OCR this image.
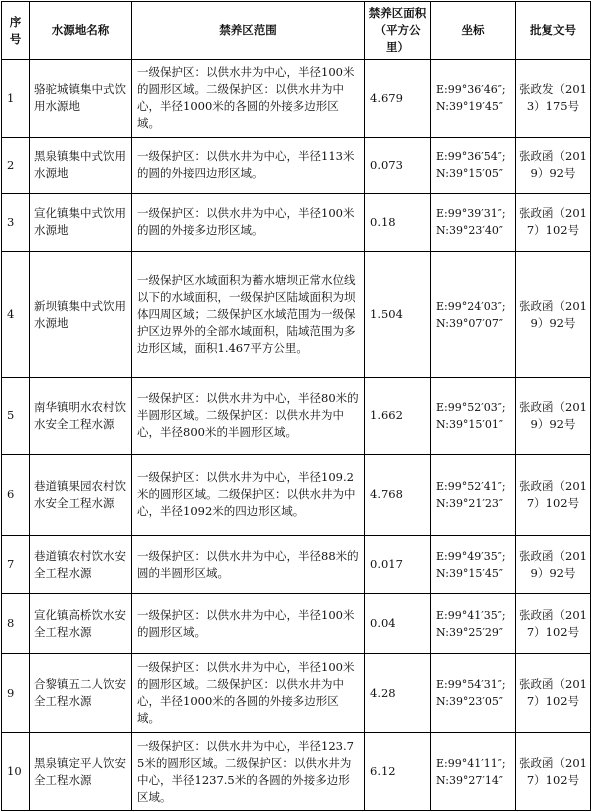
序号	水源地名称	禁养区范围	禁养区面积（平方公里）	坐标	批复文号
1	骆驼城镇集中式饮用水源地	一级保护区：以供水井为中心，半径100米的圆形区域。二级保护区：以供水井为中心，半径1000米的各圆的外接多边形区域。	4.679	E:99°36′46″;N:39°19′45″	张政发（2013）175号
2	黑泉镇集中式饮用水源地	一级保护区：以供水井为中心，半径113米的圆的外接四边形区域。	0.073	E:99°36′54″;N:39°15′05″	张政函（2019）92号
3	宣化镇集中式饮用水源地	一级保护区：以供水井为中心，半径100米的圆的外接多边形区域。	0.18	E:99°39′31″;N:39°23′40″	张政函（2017）102号
4	新坝镇集中式饮用水源地	一级保护区水域面积为蓄水塘坝正常水位线以下的水域面积，一级保护区陆域面积为坝体四周区域；二级保护区水域范围为一级保护区边界外的全部水域面积，陆域范围为多边形区域，面积1.467平方公里。	1.504	E:99°24′03″;N:39°07′07″	张政函（2019）92号
5	南华镇明水农村饮水安全工程水源	一级保护区：以供水井为中心，半径80米的半圆形区域。二级保护区：以供水井为中心，半径800米的半圆形区域。	1.662	E:99°52′03″;N:39°15′01″	张政函（2019）92号
6	巷道镇果园农村饮水安全工程水源	一级保护区：以供水井为中心，半径109.2米的圆形区域。二级保护区：以供水井为中心，半径1092米的四边形区域。	4.768	E:99°52′41″;N:39°21′23″	张政函（2017）102号
7	巷道镇农村饮水安全工程水源	一级保护区：以供水井为中心，半径88米的圆的半圆形区域。	0.017	E:99°49′35″;N:39°15′45″	张政函（2019）92号
8	宣化镇高桥饮水安全工程水源	一级保护区：以供水井为中心，半径100米的圆形区域。	0.04	E:99°41′35″;N:39°25′29″	张政函（2017）102号
9	合黎镇五二人饮安全工程水源	一级保护区：以供水井为中心，半径100米的圆形区域。二级保护区：以供水井为中心，半径1000米的各圆的外接多边形区域。	4.28	E:99°54′31″;N:39°23′05″	张政函（2017）102号
10	黑泉镇定平人饮安全工程水源	一级保护区：以供水井为中心，半径123.75米的圆形区域。二级保护区：以供水井为中心，半径1237.5米的各圆的外接多边形区域。	6.12	E:99°41′11″;N:39°27′14″	张政函（2017）102号
